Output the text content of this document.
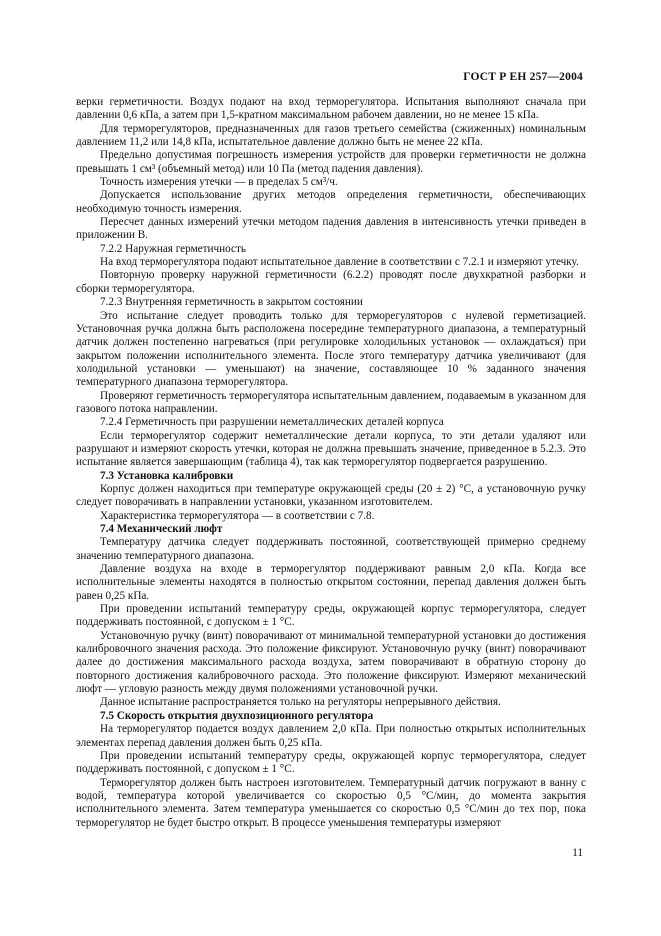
ГОСТ Р ЕН 257—2004

верки герметичности. Воздух подают на вход терморегулятора. Испытания выполняют сначала при давлении 0,6 кПа, а затем при 1,5-кратном максимальном рабочем давлении, но не менее 15 кПа.

Для терморегуляторов, предназначенных для газов третьего семейства (сжиженных) номинальным давлением 11,2 или 14,8 кПа, испытательное давление должно быть не менее 22 кПа.

Предельно допустимая погрешность измерения устройств для проверки герметичности не должна превышать 1 см³ (объемный метод) или 10 Па (метод падения давления).

Точность измерения утечки — в пределах 5 см³/ч.

Допускается использование других методов определения герметичности, обеспечивающих необходимую точность измерения.

Пересчет данных измерений утечки методом падения давления в интенсивность утечки приведен в приложении В.

7.2.2 Наружная герметичность

На вход терморегулятора подают испытательное давление в соответствии с 7.2.1 и измеряют утечку.

Повторную проверку наружной герметичности (6.2.2) проводят после двухкратной разборки и сборки терморегулятора.

7.2.3 Внутренняя герметичность в закрытом состоянии

Это испытание следует проводить только для терморегуляторов с нулевой герметизацией. Установочная ручка должна быть расположена посередине температурного диапазона, а температурный датчик должен постепенно нагреваться (при регулировке холодильных установок — охлаждаться) при закрытом положении исполнительного элемента. После этого температуру датчика увеличивают (для холодильной установки — уменьшают) на значение, составляющее 10 % заданного значения температурного диапазона терморегулятора.

Проверяют герметичность терморегулятора испытательным давлением, подаваемым в указанном для газового потока направлении.

7.2.4 Герметичность при разрушении неметаллических деталей корпуса

Если терморегулятор содержит неметаллические детали корпуса, то эти детали удаляют или разрушают и измеряют скорость утечки, которая не должна превышать значение, приведенное в 5.2.3. Это испытание является завершающим (таблица 4), так как терморегулятор подвергается разрушению.

7.3 Установка калибровки

Корпус должен находиться при температуре окружающей среды (20 ± 2) °С, а установочную ручку следует поворачивать в направлении установки, указанном изготовителем.

Характеристика терморегулятора — в соответствии с 7.8.

7.4 Механический люфт

Температуру датчика следует поддерживать постоянной, соответствующей примерно среднему значению температурного диапазона.

Давление воздуха на входе в терморегулятор поддерживают равным 2,0 кПа. Когда все исполнительные элементы находятся в полностью открытом состоянии, перепад давления должен быть равен 0,25 кПа.

При проведении испытаний температуру среды, окружающей корпус терморегулятора, следует поддерживать постоянной, с допуском ± 1 °С.

Установочную ручку (винт) поворачивают от минимальной температурной установки до достижения калибровочного значения расхода. Это положение фиксируют. Установочную ручку (винт) поворачивают далее до достижения максимального расхода воздуха, затем поворачивают в обратную сторону до повторного достижения калибровочного расхода. Это положение фиксируют. Измеряют механический люфт — угловую разность между двумя положениями установочной ручки.

Данное испытание распространяется только на регуляторы непрерывного действия.

7.5 Скорость открытия двухпозиционного регулятора

На терморегулятор подается воздух давлением 2,0 кПа. При полностью открытых исполнительных элементах перепад давления должен быть 0,25 кПа.

При проведении испытаний температуру среды, окружающей корпус терморегулятора, следует поддерживать постоянной, с допуском ± 1 °С.

Терморегулятор должен быть настроен изготовителем. Температурный датчик погружают в ванну с водой, температура которой увеличивается со скоростью 0,5 °С/мин, до момента закрытия исполнительного элемента. Затем температура уменьшается со скоростью 0,5 °С/мин до тех пор, пока терморегулятор не будет быстро открыт. В процессе уменьшения температуры измеряют

11
